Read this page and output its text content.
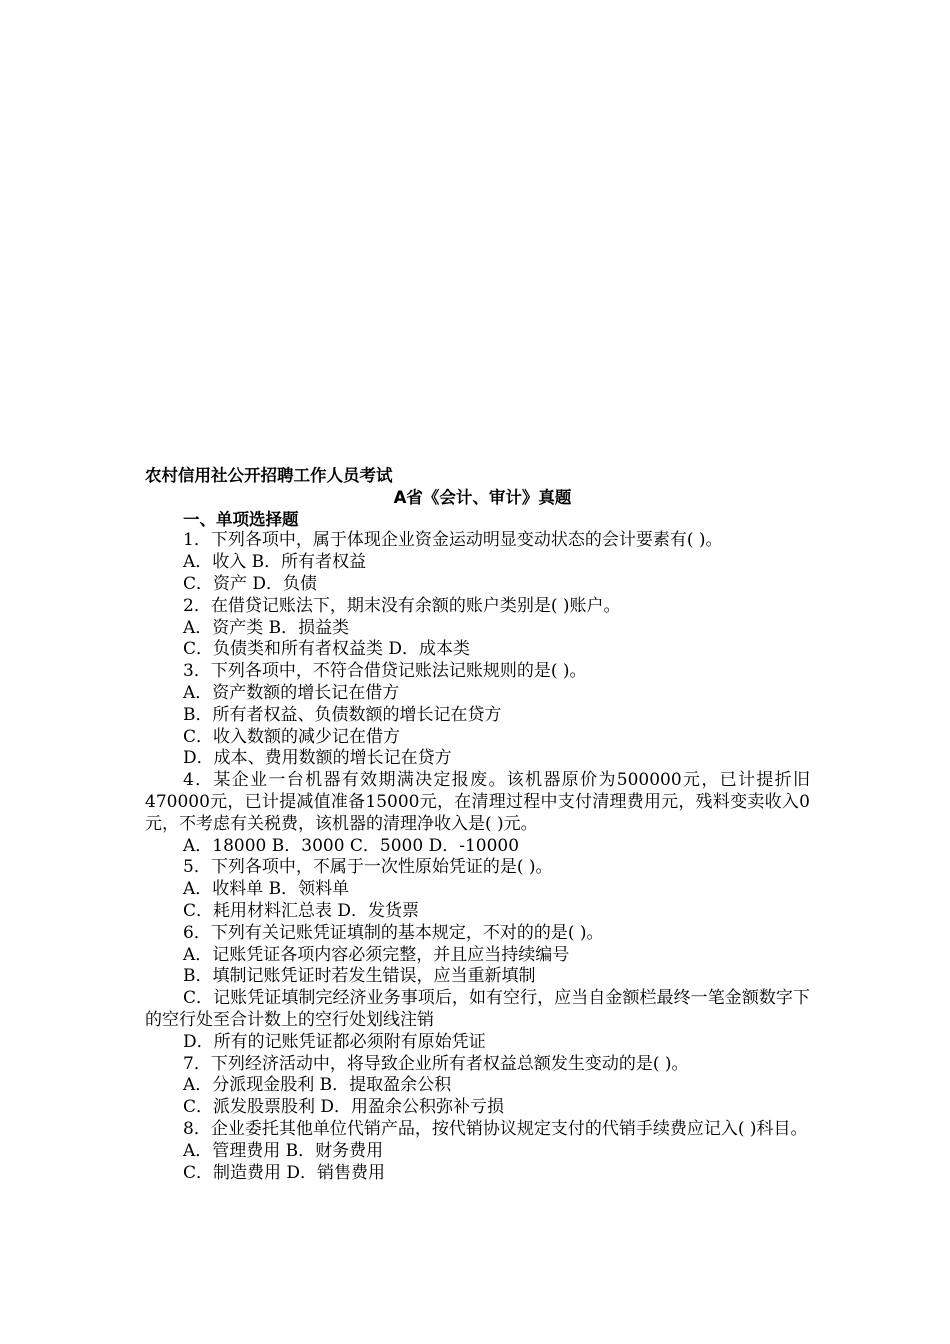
农村信用社公开招聘工作人员考试
A省《会计、审计》真题
一、单项选择题
1．下列各项中，属于体现企业资金运动明显变动状态的会计要素有( )。
A．收入 B．所有者权益
C．资产 D．负债
2．在借贷记账法下，期末没有余额的账户类别是( )账户。
A．资产类 B．损益类
C．负债类和所有者权益类 D．成本类
3．下列各项中，不符合借贷记账法记账规则的是( )。
A．资产数额的增长记在借方
B．所有者权益、负债数额的增长记在贷方
C．收入数额的减少记在借方
D．成本、费用数额的增长记在贷方
4．某企业一台机器有效期满决定报废。该机器原价为500000元，已计提折旧470000元，已计提减值准备15000元，在清理过程中支付清理费用元，残料变卖收入0元，不考虑有关税费，该机器的清理净收入是( )元。
A．18000 B．3000 C．5000 D．-10000
5．下列各项中，不属于一次性原始凭证的是( )。
A．收料单 B．领料单
C．耗用材料汇总表 D．发货票
6．下列有关记账凭证填制的基本规定，不对的的是( )。
A．记账凭证各项内容必须完整，并且应当持续编号
B．填制记账凭证时若发生错误，应当重新填制
C．记账凭证填制完经济业务事项后，如有空行，应当自金额栏最终一笔金额数字下的空行处至合计数上的空行处划线注销
D．所有的记账凭证都必须附有原始凭证
7．下列经济活动中，将导致企业所有者权益总额发生变动的是( )。
A．分派现金股利 B．提取盈余公积
C．派发股票股利 D．用盈余公积弥补亏损
8．企业委托其他单位代销产品，按代销协议规定支付的代销手续费应记入( )科目。
A．管理费用 B．财务费用
C．制造费用 D．销售费用
